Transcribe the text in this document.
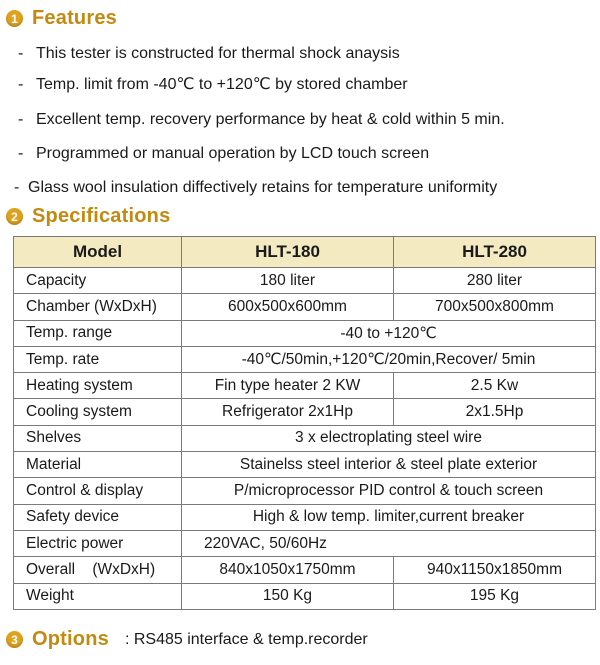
1 Features
- This tester is constructed for thermal shock anaysis
- Temp. limit from -40℃ to +120℃ by stored chamber
- Excellent temp. recovery performance by heat & cold within 5 min.
- Programmed or manual operation by LCD touch screen
- Glass wool insulation diffectively retains for temperature uniformity
2 Specifications
Model	HLT-180	HLT-280
Capacity	180 liter	280 liter
Chamber (WxDxH)	600x500x600mm	700x500x800mm
Temp. range	-40 to +120℃	
Temp. rate	-40℃/50min,+120℃/20min,Recover/ 5min	
Heating system	Fin type heater 2 KW	2.5 Kw
Cooling system	Refrigerator 2x1Hp	2x1.5Hp
Shelves	3 x electroplating steel wire	
Material	Stainelss steel interior & steel plate exterior	
Control & display	P/microprocessor PID control & touch screen	
Safety device	High & low temp. limiter,current breaker	
Electric power	220VAC, 50/60Hz	
Overall    (WxDxH)	840x1050x1750mm	940x1150x1850mm
Weight	150 Kg	195 Kg
3 Options : RS485 interface & temp.recorder
